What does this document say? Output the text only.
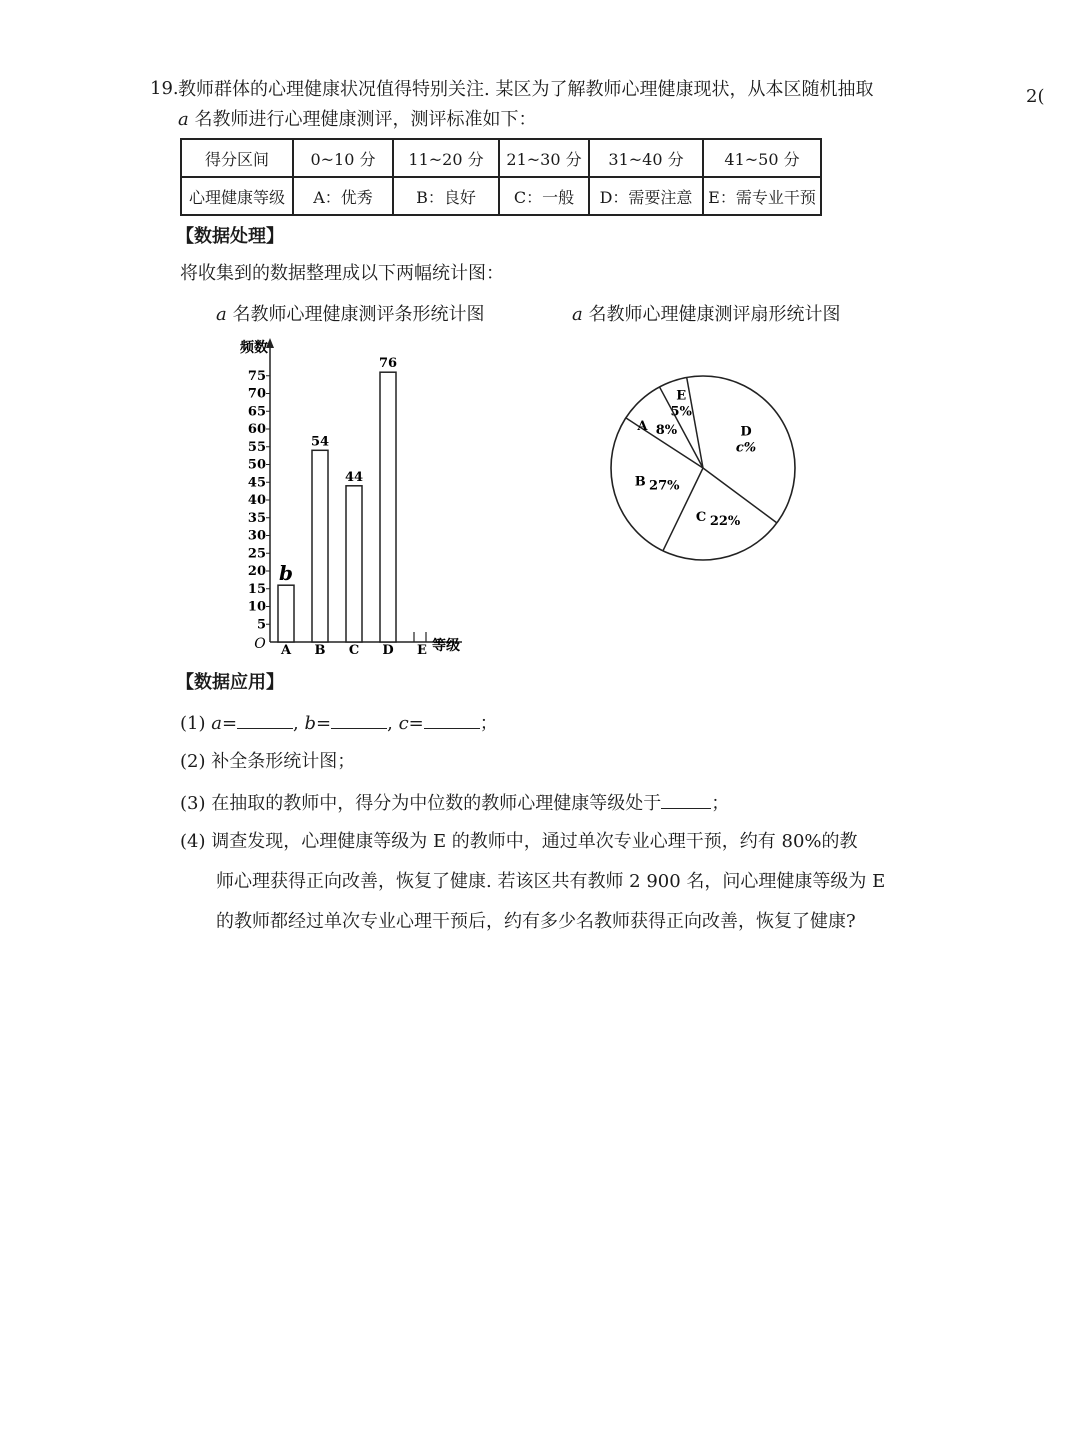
19. 教师群体的心理健康状况值得特别关注. 某区为了解教师心理健康现状，从本区随机抽取
a 名教师进行心理健康测评，测评标准如下：
2(
得分区间	0~10 分	11~20 分	21~30 分	31~40 分	41~50 分
心理健康等级	A：优秀	B：良好	C：一般	D：需要注意	E：需专业干预
【数据处理】
将收集到的数据整理成以下两幅统计图：
a 名教师心理健康测评条形统计图	a 名教师心理健康测评扇形统计图
频数
O	等级
5
10
15
20
25
30
35
40
45
50
55
60
65
70
75
b
A
54
B
44
C
76
D E
A 8%
E
5%
D
c%
C 22%
B 27%
【数据应用】
(1) a=	, b=	, c=	；
(2) 补全条形统计图；
(3) 在抽取的教师中，得分为中位数的教师心理健康等级处于	；
(4) 调查发现，心理健康等级为 E 的教师中，通过单次专业心理干预，约有 80%的教
师心理获得正向改善，恢复了健康. 若该区共有教师 2 900 名，问心理健康等级为 E
的教师都经过单次专业心理干预后，约有多少名教师获得正向改善，恢复了健康?
